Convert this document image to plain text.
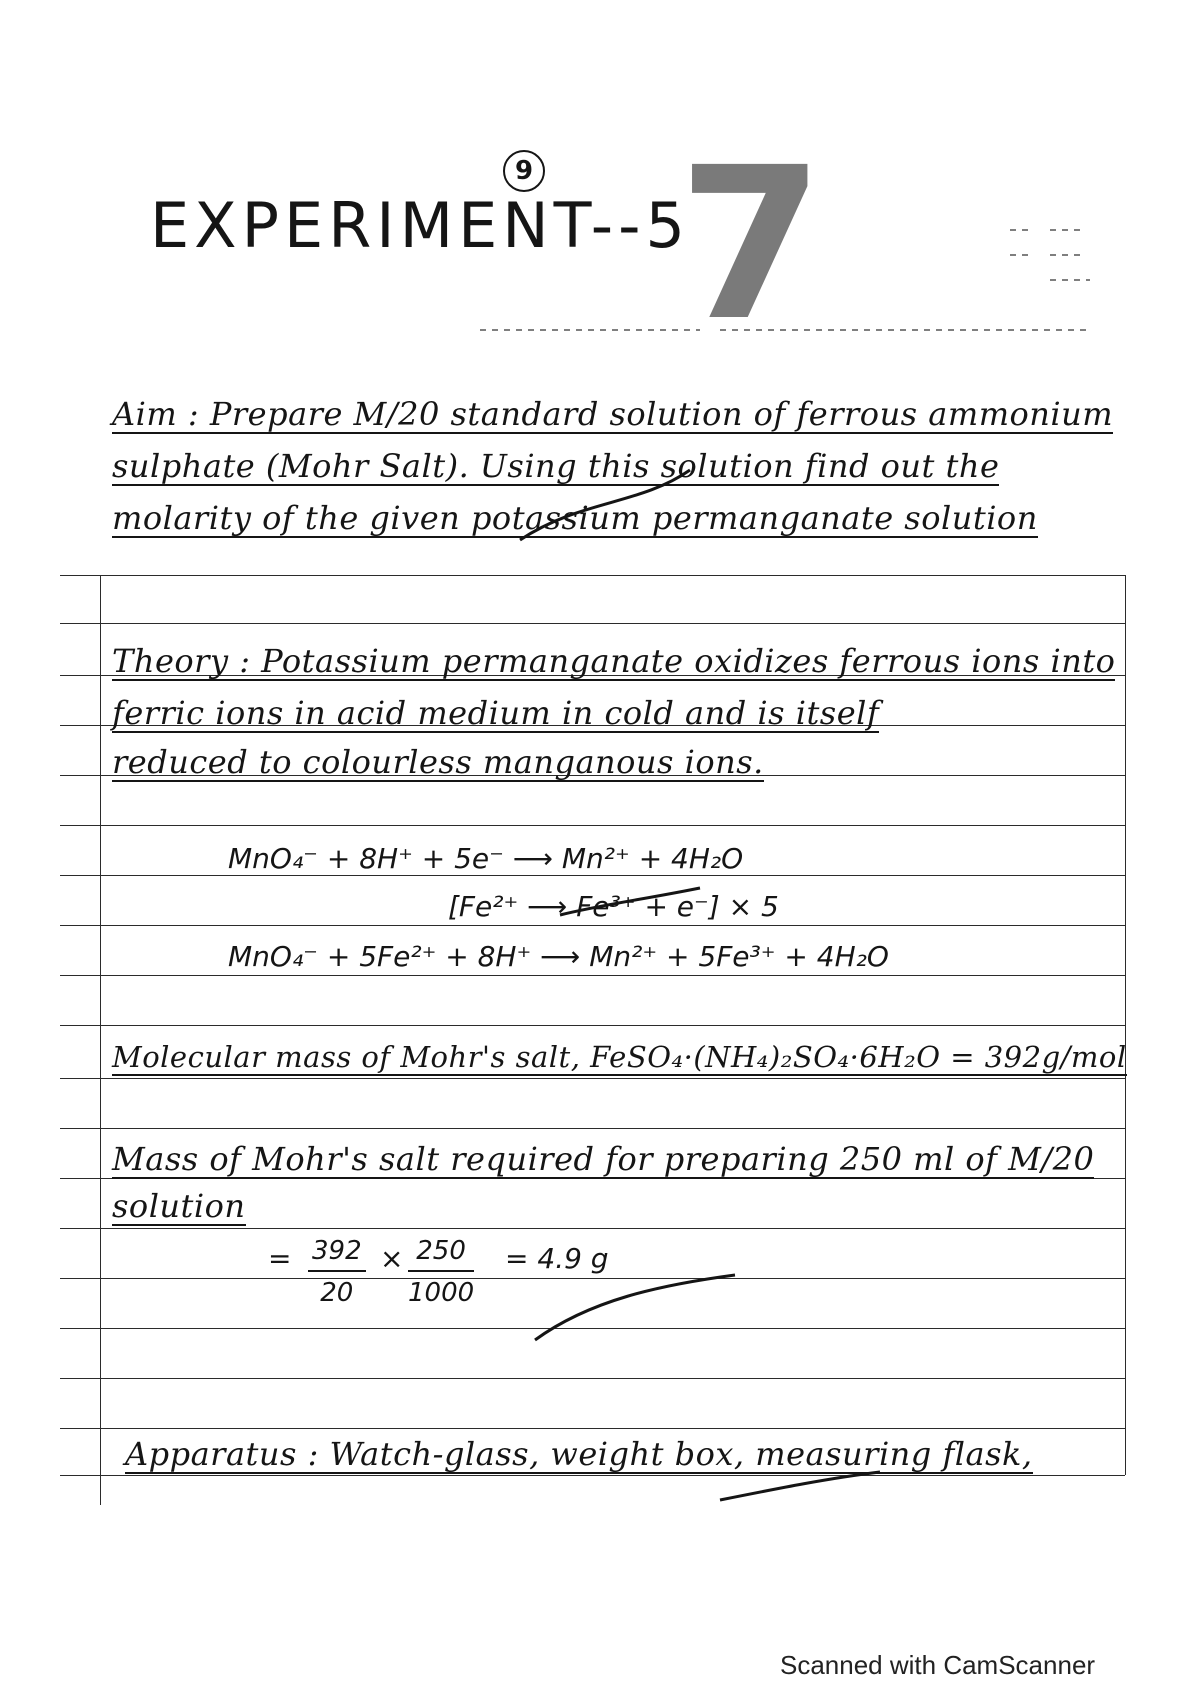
9 7
EXPERIMENT--5
Aim : Prepare M/20 standard solution of ferrous ammonium
sulphate (Mohr Salt). Using this solution find out the
molarity of the given potassium permanganate solution
Theory : Potassium permanganate oxidizes ferrous ions into
ferric ions in acid medium in cold and is itself
reduced to colourless manganous ions.
MnO₄⁻ + 8H⁺ + 5e⁻ ⟶ Mn²⁺ + 4H₂O
[Fe²⁺ ⟶ Fe³⁺ + e⁻] × 5
MnO₄⁻ + 5Fe²⁺ + 8H⁺ ⟶ Mn²⁺ + 5Fe³⁺ + 4H₂O
Molecular mass of Mohr's salt, FeSO₄·(NH₄)₂SO₄·6H₂O = 392g/mol
Mass of Mohr's salt required for preparing 250 ml of M/20
solution
= $\frac{392}{20} \times \frac{250}{1000} = 4.9$ g
Apparatus : Watch-glass, weight box, measuring flask,
Scanned with CamScanner
